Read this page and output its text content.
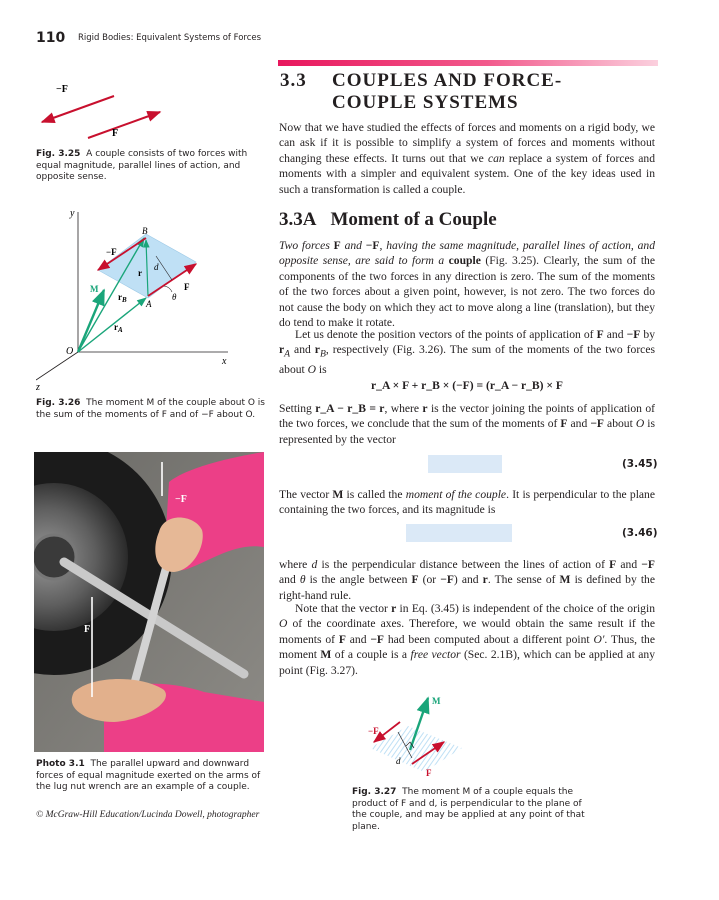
110 Rigid Bodies: Equivalent Systems of Forces
3.3 COUPLES AND FORCE-
COUPLE SYSTEMS
Now that we have studied the effects of forces and moments on a rigid body, we can ask if it is possible to simplify a system of forces and moments without changing these effects. It turns out that we can replace a system of forces and moments with a simpler and equivalent system. One of the key ideas used in such a transformation is called a couple.
3.3A Moment of a Couple
Two forces F and −F, having the same magnitude, parallel lines of action, and opposite sense, are said to form a couple (Fig. 3.25). Clearly, the sum of the components of the two forces in any direction is zero. The sum of the moments of the two forces about a given point, however, is not zero. The two forces do not cause the body on which they act to move along a line (translation), but they do tend to make it rotate.
Let us denote the position vectors of the points of application of F and −F by $r_A$ and $r_B$, respectively (Fig. 3.26). The sum of the moments of the two forces about O is
r_A × F + r_B × (−F) = (r_A − r_B) × F
Setting r_A − r_B = r, where r is the vector joining the points of application of the two forces, we conclude that the sum of the moments of F and −F about O is represented by the vector
(3.45)
The vector M is called the moment of the couple. It is perpendicular to the plane containing the two forces, and its magnitude is
(3.46)
where d is the perpendicular distance between the lines of action of F and −F and θ is the angle between F (or −F) and r. The sense of M is defined by the right-hand rule.
Note that the vector r in Eq. (3.45) is independent of the choice of the origin O of the coordinate axes. Therefore, we would obtain the same result if the moments of F and −F had been computed about a different point O′. Thus, the moment M of a couple is a free vector (Sec. 2.1B), which can be applied at any point (Fig. 3.27).
−F
F
Fig. 3.25 A couple consists of two forces with equal magnitude, parallel lines of action, and opposite sense.
y
x
z
O
B
A
−F
F
M
d
r
θ
$r_B$
$r_A$
Fig. 3.26 The moment M of the couple about O is the sum of the moments of F and of −F about O.
−F
F
Photo 3.1 The parallel upward and downward forces of equal magnitude exerted on the arms of the lug nut wrench are an example of a couple.
© McGraw-Hill Education/Lucinda Dowell, photographer
M
−F
F
d
Fig. 3.27 The moment M of a couple equals the product of F and d, is perpendicular to the plane of the couple, and may be applied at any point of that plane.
